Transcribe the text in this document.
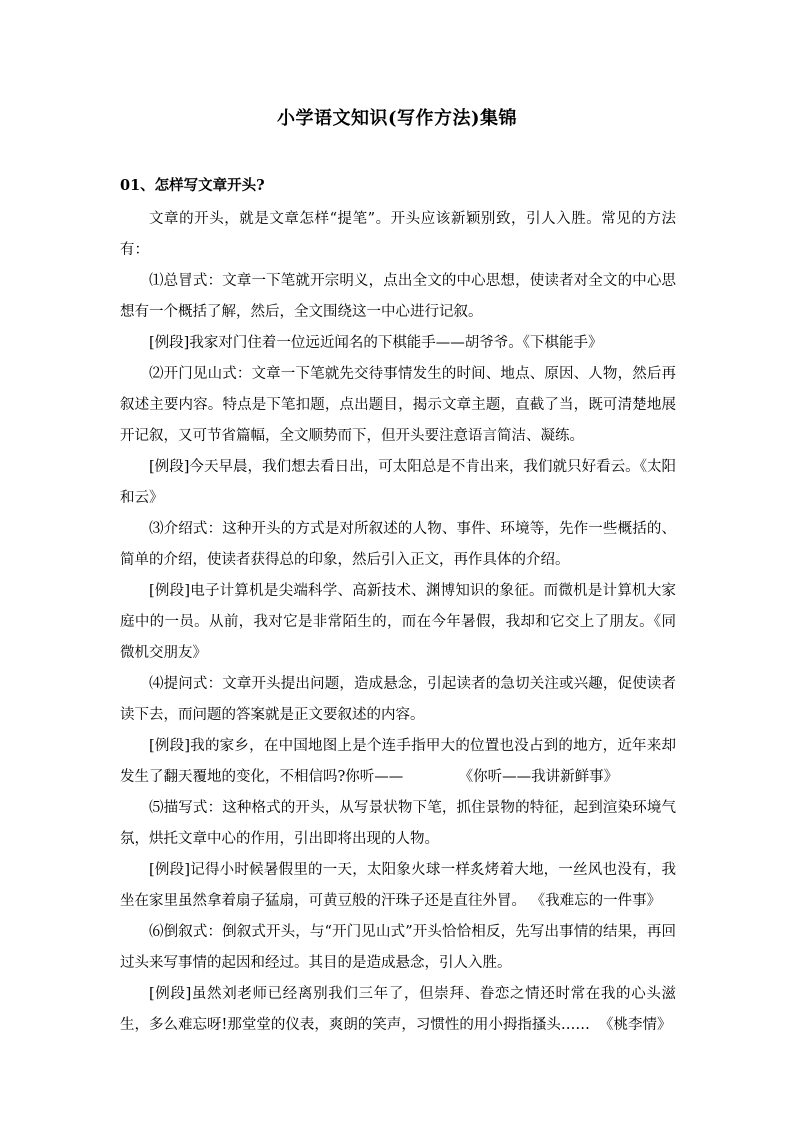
小学语文知识(写作方法)集锦
01、怎样写文章开头?

文章的开头，就是文章怎样“提笔”。开头应该新颖别致，引人入胜。常见的方法有：

⑴总冒式：文章一下笔就开宗明义，点出全文的中心思想，使读者对全文的中心思想有一个概括了解，然后，全文围绕这一中心进行记叙。

[例段]我家对门住着一位远近闻名的下棋能手——胡爷爷。《下棋能手》

⑵开门见山式：文章一下笔就先交待事情发生的时间、地点、原因、人物，然后再叙述主要内容。特点是下笔扣题，点出题目，揭示文章主题，直截了当，既可清楚地展开记叙，又可节省篇幅，全文顺势而下，但开头要注意语言简洁、凝练。

[例段]今天早晨，我们想去看日出，可太阳总是不肯出来，我们就只好看云。《太阳和云》

⑶介绍式：这种开头的方式是对所叙述的人物、事件、环境等，先作一些概括的、简单的介绍，使读者获得总的印象，然后引入正文，再作具体的介绍。

[例段]电子计算机是尖端科学、高新技术、渊博知识的象征。而微机是计算机大家庭中的一员。从前，我对它是非常陌生的，而在今年暑假，我却和它交上了朋友。《同微机交朋友》

⑷提问式：文章开头提出问题，造成悬念，引起读者的急切关注或兴趣，促使读者读下去，而问题的答案就是正文要叙述的内容。

[例段]我的家乡，在中国地图上是个连手指甲大的位置也没占到的地方，近年来却发生了翻天覆地的变化，不相信吗?你听——            《你听——我讲新鲜事》

⑸描写式：这种格式的开头，从写景状物下笔，抓住景物的特征，起到渲染环境气氛，烘托文章中心的作用，引出即将出现的人物。

[例段]记得小时候暑假里的一天，太阳象火球一样炙烤着大地，一丝风也没有，我坐在家里虽然拿着扇子猛扇，可黄豆般的汗珠子还是直往外冒。 《我难忘的一件事》

⑹倒叙式：倒叙式开头，与“开门见山式”开头恰恰相反，先写出事情的结果，再回过头来写事情的起因和经过。其目的是造成悬念，引人入胜。

[例段]虽然刘老师已经离别我们三年了，但崇拜、眷恋之情还时常在我的心头滋生，多么难忘呀!那堂堂的仪表，爽朗的笑声，习惯性的用小拇指搔头……  《桃李情》
